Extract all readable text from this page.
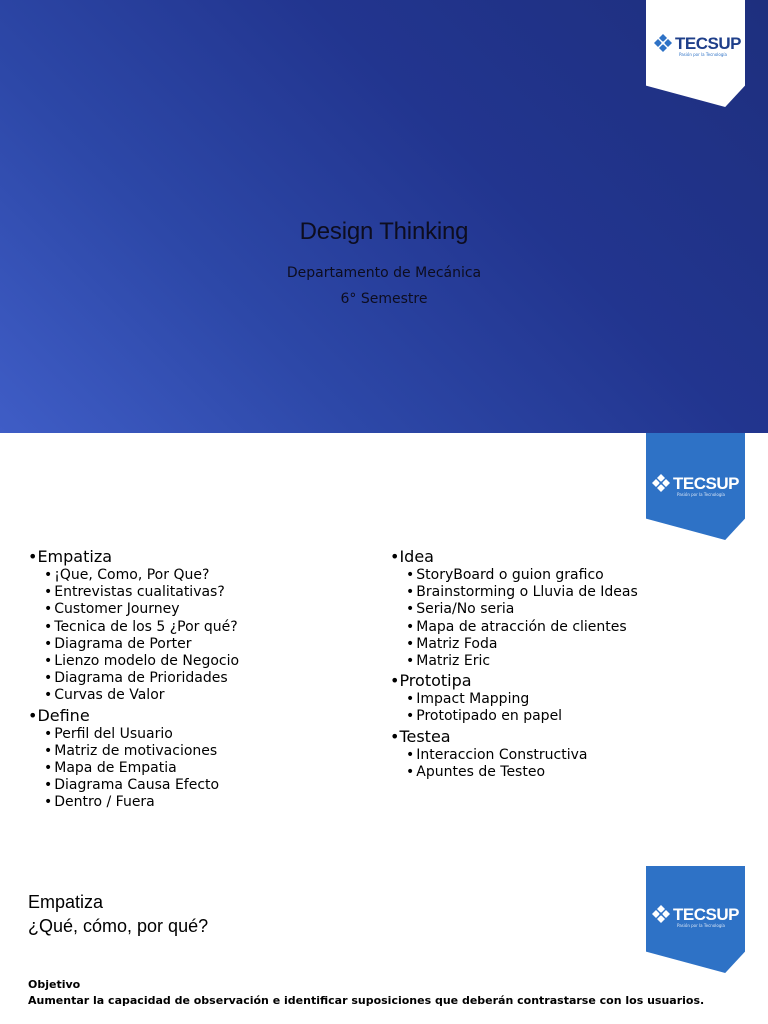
TECSUP
Pasión por la Tecnología
Design Thinking
Departamento de Mecánica
6° Semestre
TECSUP
Pasión por la Tecnología
• Empatiza
• ¡Que, Como, Por Que?
• Entrevistas cualitativas?
• Customer Journey
• Tecnica de los 5 ¿Por qué?
• Diagrama de Porter
• Lienzo modelo de Negocio
• Diagrama de Prioridades
• Curvas de Valor
• Define
• Perfil del Usuario
• Matriz de motivaciones
• Mapa de Empatia
• Diagrama Causa Efecto
• Dentro / Fuera
• Idea
• StoryBoard o guion grafico
• Brainstorming o Lluvia de Ideas
• Seria/No seria
• Mapa de atracción de clientes
• Matriz Foda
• Matriz Eric
• Prototipa
• Impact Mapping
• Prototipado en papel
• Testea
• Interaccion Constructiva
• Apuntes de Testeo
TECSUP
Pasión por la Tecnología
Empatiza
¿Qué, cómo, por qué?
Objetivo
Aumentar la capacidad de observación e identificar suposiciones que deberán contrastarse con los usuarios.
